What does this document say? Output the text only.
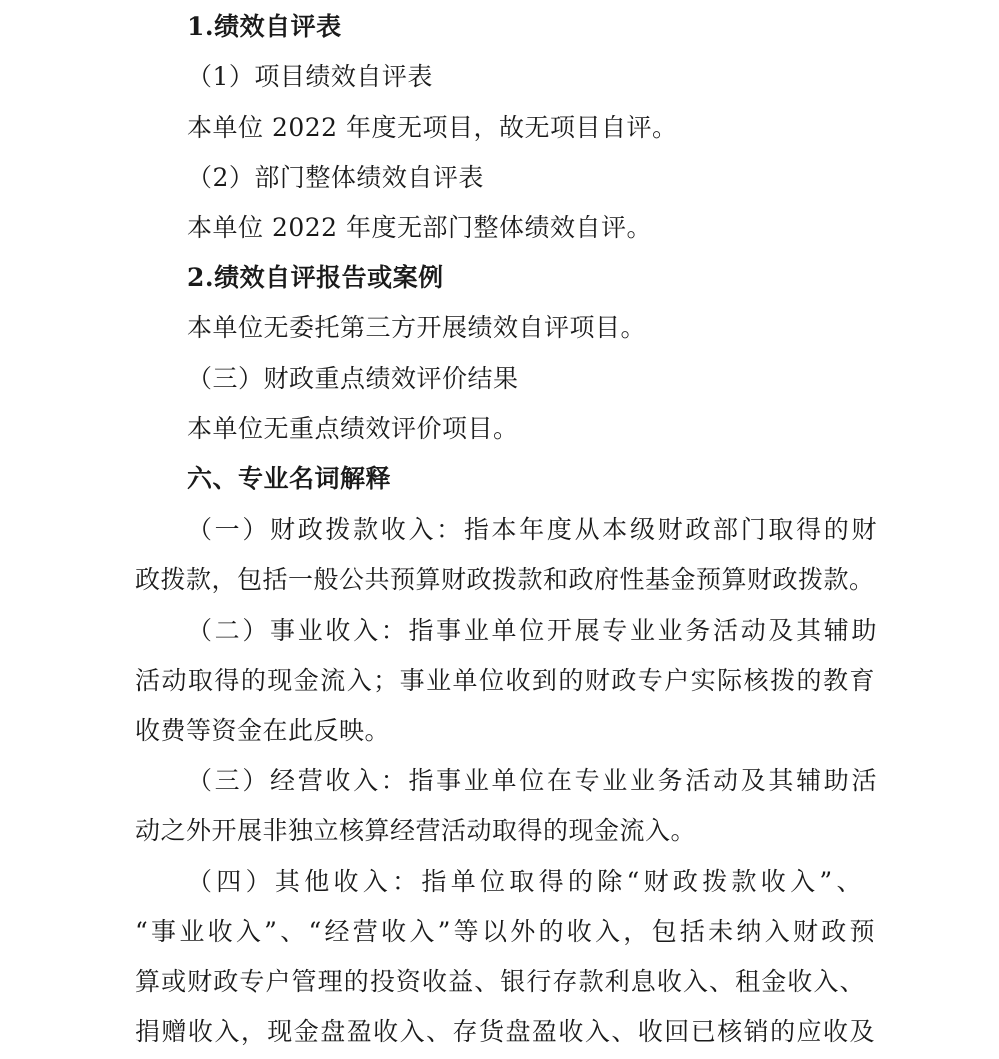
1.绩效自评表
（1）项目绩效自评表
本单位 2022 年度无项目，故无项目自评。
（2）部门整体绩效自评表
本单位 2022 年度无部门整体绩效自评。
2.绩效自评报告或案例
本单位无委托第三方开展绩效自评项目。
（三）财政重点绩效评价结果
本单位无重点绩效评价项目。
六、专业名词解释
（一）财政拨款收入：指本年度从本级财政部门取得的财
政拨款，包括一般公共预算财政拨款和政府性基金预算财政拨款。
（二）事业收入：指事业单位开展专业业务活动及其辅助
活动取得的现金流入；事业单位收到的财政专户实际核拨的教育
收费等资金在此反映。
（三）经营收入：指事业单位在专业业务活动及其辅助活
动之外开展非独立核算经营活动取得的现金流入。
（四）其他收入：指单位取得的除“财政拨款收入”、
“事业收入”、“经营收入”等以外的收入，包括未纳入财政预
算或财政专户管理的投资收益、银行存款利息收入、租金收入、
捐赠收入，现金盘盈收入、存货盘盈收入、收回已核销的应收及
